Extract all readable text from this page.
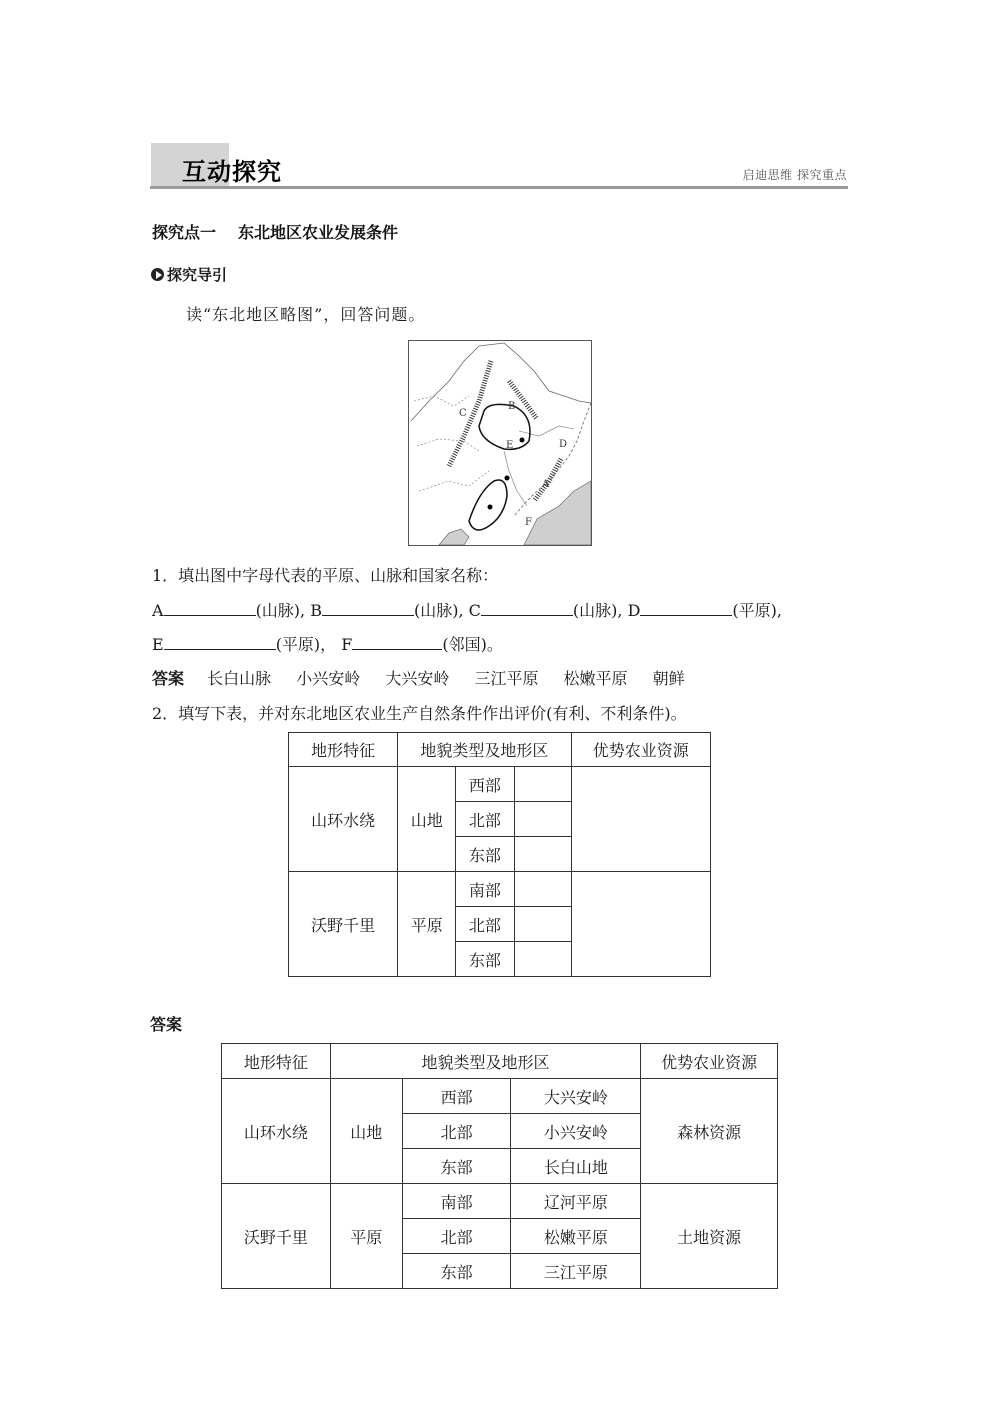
互动探究	启迪思维 探究重点
探究点一 东北地区农业发展条件
探究导引
读“东北地区略图”，回答问题。
C
B
E	D
A
F
1．填出图中字母代表的平原、山脉和国家名称：
A	(山脉), B	(山脉), C	(山脉), D	(平原),
E	(平原)， F	(邻国)。
答案 长白山脉 小兴安岭 大兴安岭 三江平原 松嫩平原 朝鲜
2．填写下表，并对东北地区农业生产自然条件作出评价(有利、不利条件)。
地形特征	地貌类型及地形区			优势农业资源
山环水绕	山地	西部		
		北部		
		东部		
沃野千里	平原	南部		
		北部		
		东部		
答案
地形特征	地貌类型及地形区			优势农业资源
山环水绕	山地	西部	大兴安岭	森林资源
		北部	小兴安岭	
		东部	长白山地	
沃野千里	平原	南部	辽河平原	土地资源
		北部	松嫩平原	
		东部	三江平原	
